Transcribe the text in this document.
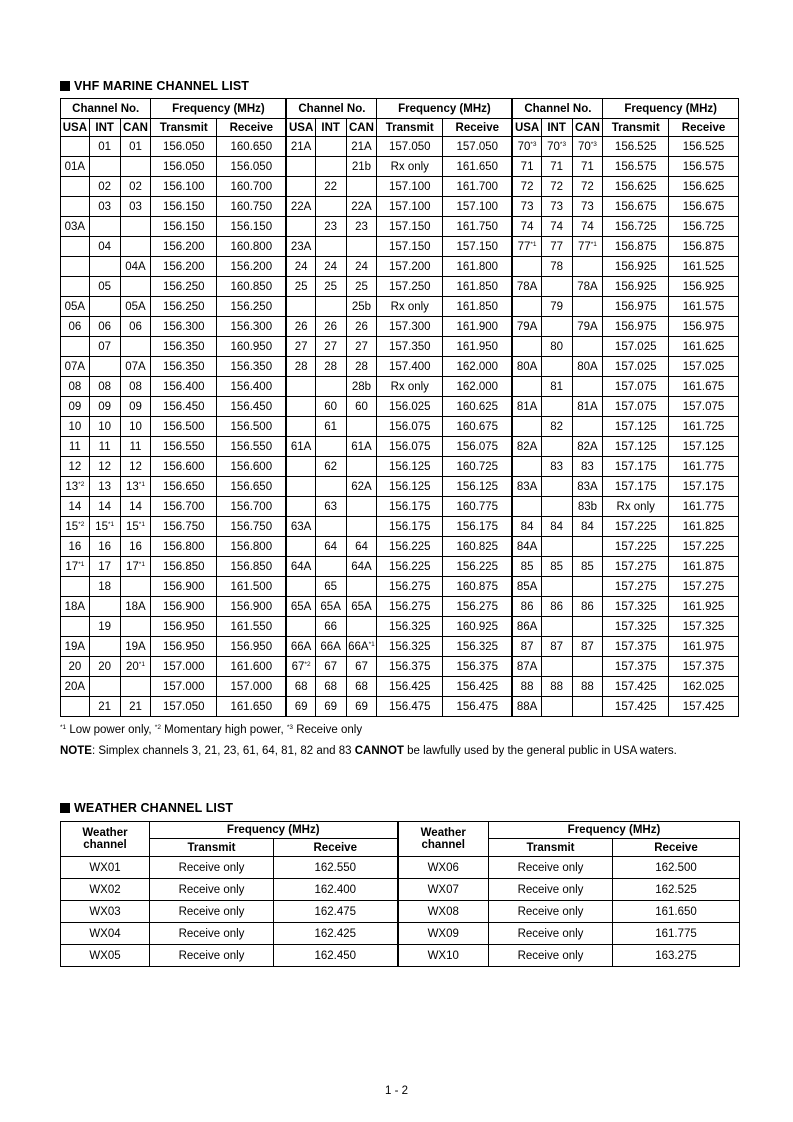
VHF MARINE CHANNEL LIST
Channel No.			Frequency (MHz)		Channel No.			Frequency (MHz)		Channel No.			Frequency (MHz)	
USA	INT	CAN	Transmit	Receive	USA	INT	CAN	Transmit	Receive	USA	INT	CAN	Transmit	Receive
	01	01	156.050	160.650	21A		21A	157.050	157.050	70$^{*3}$	70$^{*3}$	70$^{*3}$	156.525	156.525
01A			156.050	156.050			21b	Rx only	161.650	71	71	71	156.575	156.575
	02	02	156.100	160.700		22		157.100	161.700	72	72	72	156.625	156.625
	03	03	156.150	160.750	22A		22A	157.100	157.100	73	73	73	156.675	156.675
03A			156.150	156.150		23	23	157.150	161.750	74	74	74	156.725	156.725
	04		156.200	160.800	23A			157.150	157.150	77$^{*1}$	77	77$^{*1}$	156.875	156.875
		04A	156.200	156.200	24	24	24	157.200	161.800		78		156.925	161.525
	05		156.250	160.850	25	25	25	157.250	161.850	78A		78A	156.925	156.925
05A		05A	156.250	156.250			25b	Rx only	161.850		79		156.975	161.575
06	06	06	156.300	156.300	26	26	26	157.300	161.900	79A		79A	156.975	156.975
	07		156.350	160.950	27	27	27	157.350	161.950		80		157.025	161.625
07A		07A	156.350	156.350	28	28	28	157.400	162.000	80A		80A	157.025	157.025
08	08	08	156.400	156.400			28b	Rx only	162.000		81		157.075	161.675
09	09	09	156.450	156.450		60	60	156.025	160.625	81A		81A	157.075	157.075
10	10	10	156.500	156.500		61		156.075	160.675		82		157.125	161.725
11	11	11	156.550	156.550	61A		61A	156.075	156.075	82A		82A	157.125	157.125
12	12	12	156.600	156.600		62		156.125	160.725		83	83	157.175	161.775
13$^{*2}$	13	13$^{*1}$	156.650	156.650			62A	156.125	156.125	83A		83A	157.175	157.175
14	14	14	156.700	156.700		63		156.175	160.775			83b	Rx only	161.775
15$^{*2}$	15$^{*1}$	15$^{*1}$	156.750	156.750	63A			156.175	156.175	84	84	84	157.225	161.825
16	16	16	156.800	156.800		64	64	156.225	160.825	84A			157.225	157.225
17$^{*1}$	17	17$^{*1}$	156.850	156.850	64A		64A	156.225	156.225	85	85	85	157.275	161.875
	18		156.900	161.500		65		156.275	160.875	85A			157.275	157.275
18A		18A	156.900	156.900	65A	65A	65A	156.275	156.275	86	86	86	157.325	161.925
	19		156.950	161.550		66		156.325	160.925	86A			157.325	157.325
19A		19A	156.950	156.950	66A	66A	66A$^{*1}$	156.325	156.325	87	87	87	157.375	161.975
20	20	20$^{*1}$	157.000	161.600	67$^{*2}$	67	67	156.375	156.375	87A			157.375	157.375
20A			157.000	157.000	68	68	68	156.425	156.425	88	88	88	157.425	162.025
	21	21	157.050	161.650	69	69	69	156.475	156.475	88A			157.425	157.425
$^{*1}$ Low power only, $^{*2}$ Momentary high power, $^{*3}$ Receive only
NOTE: Simplex channels 3, 21, 23, 61, 64, 81, 82 and 83 CANNOT be lawfully used by the general public in USA waters.
WEATHER CHANNEL LIST
Weather
channel	Frequency (MHz)		Weather
channel	Frequency (MHz)	
	Transmit	Receive		Transmit	Receive
WX01	Receive only	162.550	WX06	Receive only	162.500
WX02	Receive only	162.400	WX07	Receive only	162.525
WX03	Receive only	162.475	WX08	Receive only	161.650
WX04	Receive only	162.425	WX09	Receive only	161.775
WX05	Receive only	162.450	WX10	Receive only	163.275
1 - 2
